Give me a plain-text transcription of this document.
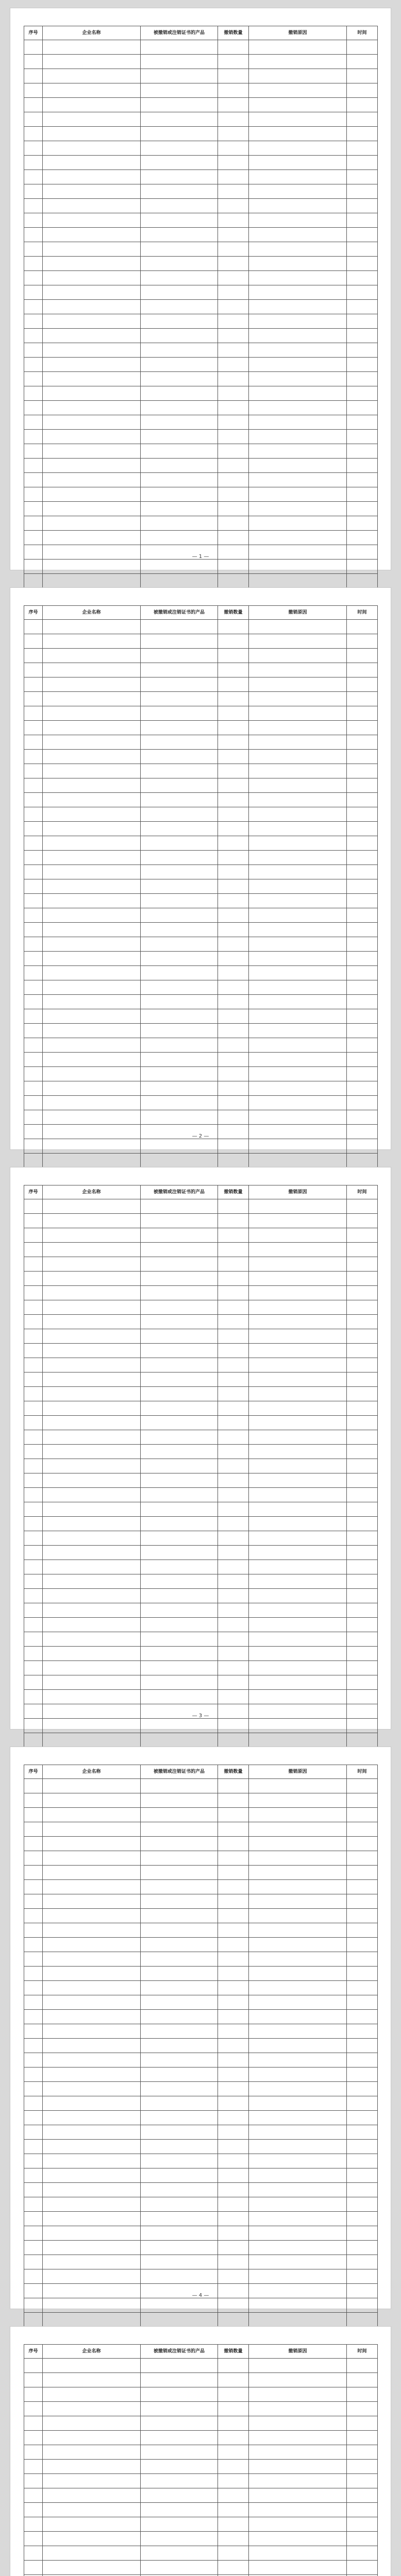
序号	企业名称	被撤销或注销证书的产品	撤销数量	撤销原因	时间

— 1 —
序号	企业名称	被撤销或注销证书的产品	撤销数量	撤销原因	时间

— 2 —
序号	企业名称	被撤销或注销证书的产品	撤销数量	撤销原因	时间

— 3 —
序号	企业名称	被撤销或注销证书的产品	撤销数量	撤销原因	时间

— 4 —
序号	企业名称	被撤销或注销证书的产品	撤销数量	撤销原因	时间
